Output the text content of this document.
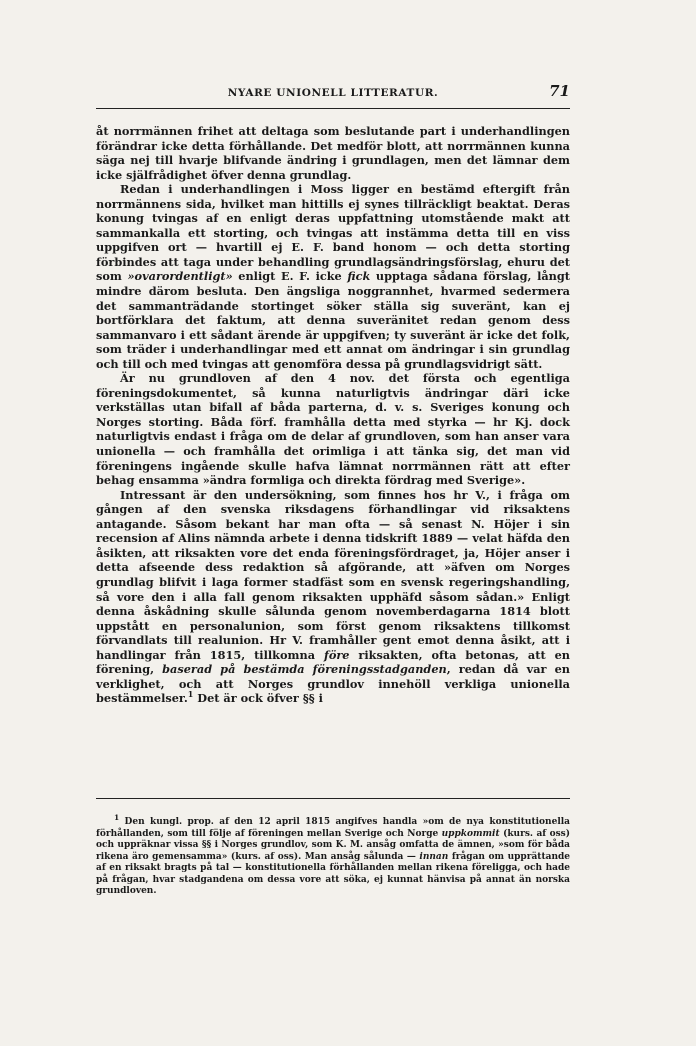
NYARE UNIONELL LITTERATUR.	71

åt norrmännen frihet att deltaga som beslutande part i underhandlingen förändrar icke detta förhållande. Det medför blott, att norrmännen kunna säga nej till hvarje blifvande ändring i grundlagen, men det lämnar dem icke själfrådighet öfver denna grundlag.

Redan i underhandlingen i Moss ligger en bestämd eftergift från norrmännens sida, hvilket man hittills ej synes tillräckligt beaktat. Deras konung tvingas af en enligt deras uppfattning utomstående makt att sammankalla ett storting, och tvingas att instämma detta till en viss uppgifven ort — hvartill ej E. F. band honom — och detta storting förbindes att taga under behandling grundlagsändringsförslag, ehuru det som »ovarordentligt» enligt E. F. icke fick upptaga sådana förslag, långt mindre därom besluta. Den ängsliga noggrannhet, hvarmed sedermera det sammanträdande stortinget söker ställa sig suveränt, kan ej bortförklara det faktum, att denna suveränitet redan genom dess sammanvaro i ett sådant ärende är uppgifven; ty suveränt är icke det folk, som träder i underhandlingar med ett annat om ändringar i sin grundlag och till och med tvingas att genomföra dessa på grundlagsvidrigt sätt.

Är nu grundloven af den 4 nov. det första och egentliga föreningsdokumentet, så kunna naturligtvis ändringar däri icke verkställas utan bifall af båda parterna, d. v. s. Sveriges konung och Norges storting. Båda förf. framhålla detta med styrka — hr Kj. dock naturligtvis endast i fråga om de delar af grundloven, som han anser vara unionella — och framhålla det orimliga i att tänka sig, det man vid föreningens ingående skulle hafva lämnat norrmännen rätt att efter behag ensamma »ändra formliga och direkta fördrag med Sverige».

Intressant är den undersökning, som finnes hos hr V., i fråga om gången af den svenska riksdagens förhandlingar vid riksaktens antagande. Såsom bekant har man ofta — så senast N. Höjer i sin recension af Alins nämnda arbete i denna tidskrift 1889 — velat häfda den åsikten, att riksakten vore det enda föreningsfördraget, ja, Höjer anser i detta afseende dess redaktion så afgörande, att »äfven om Norges grundlag blifvit i laga former stadfäst som en svensk regeringshandling, så vore den i alla fall genom riksakten upphäfd såsom sådan.» Enligt denna åskådning skulle sålunda genom novemberdagarna 1814 blott uppstått en personalunion, som först genom riksaktens tillkomst förvandlats till realunion. Hr V. framhåller gent emot denna åsikt, att i handlingar från 1815, tillkomna före riksakten, ofta betonas, att en förening, baserad på bestämda föreningsstadganden, redan då var en verklighet, och att Norges grundlov innehöll verkliga unionella bestämmelser.$^1$ Det är ock öfver §§ i

$^1$ Den kungl. prop. af den 12 april 1815 angifves handla »om de nya konstitutionella förhållanden, som till följe af föreningen mellan Sverige och Norge uppkommit (kurs. af oss) och uppräknar vissa §§ i Norges grundlov, som K. M. ansåg omfatta de ämnen, »som för båda rikena äro gemensamma» (kurs. af oss). Man ansåg sålunda — innan frågan om upprättande af en riksakt bragts på tal — konstitutionella förhållanden mellan rikena föreligga, och hade på frågan, hvar stadgandena om dessa vore att söka, ej kunnat hänvisa på annat än norska grundloven.
